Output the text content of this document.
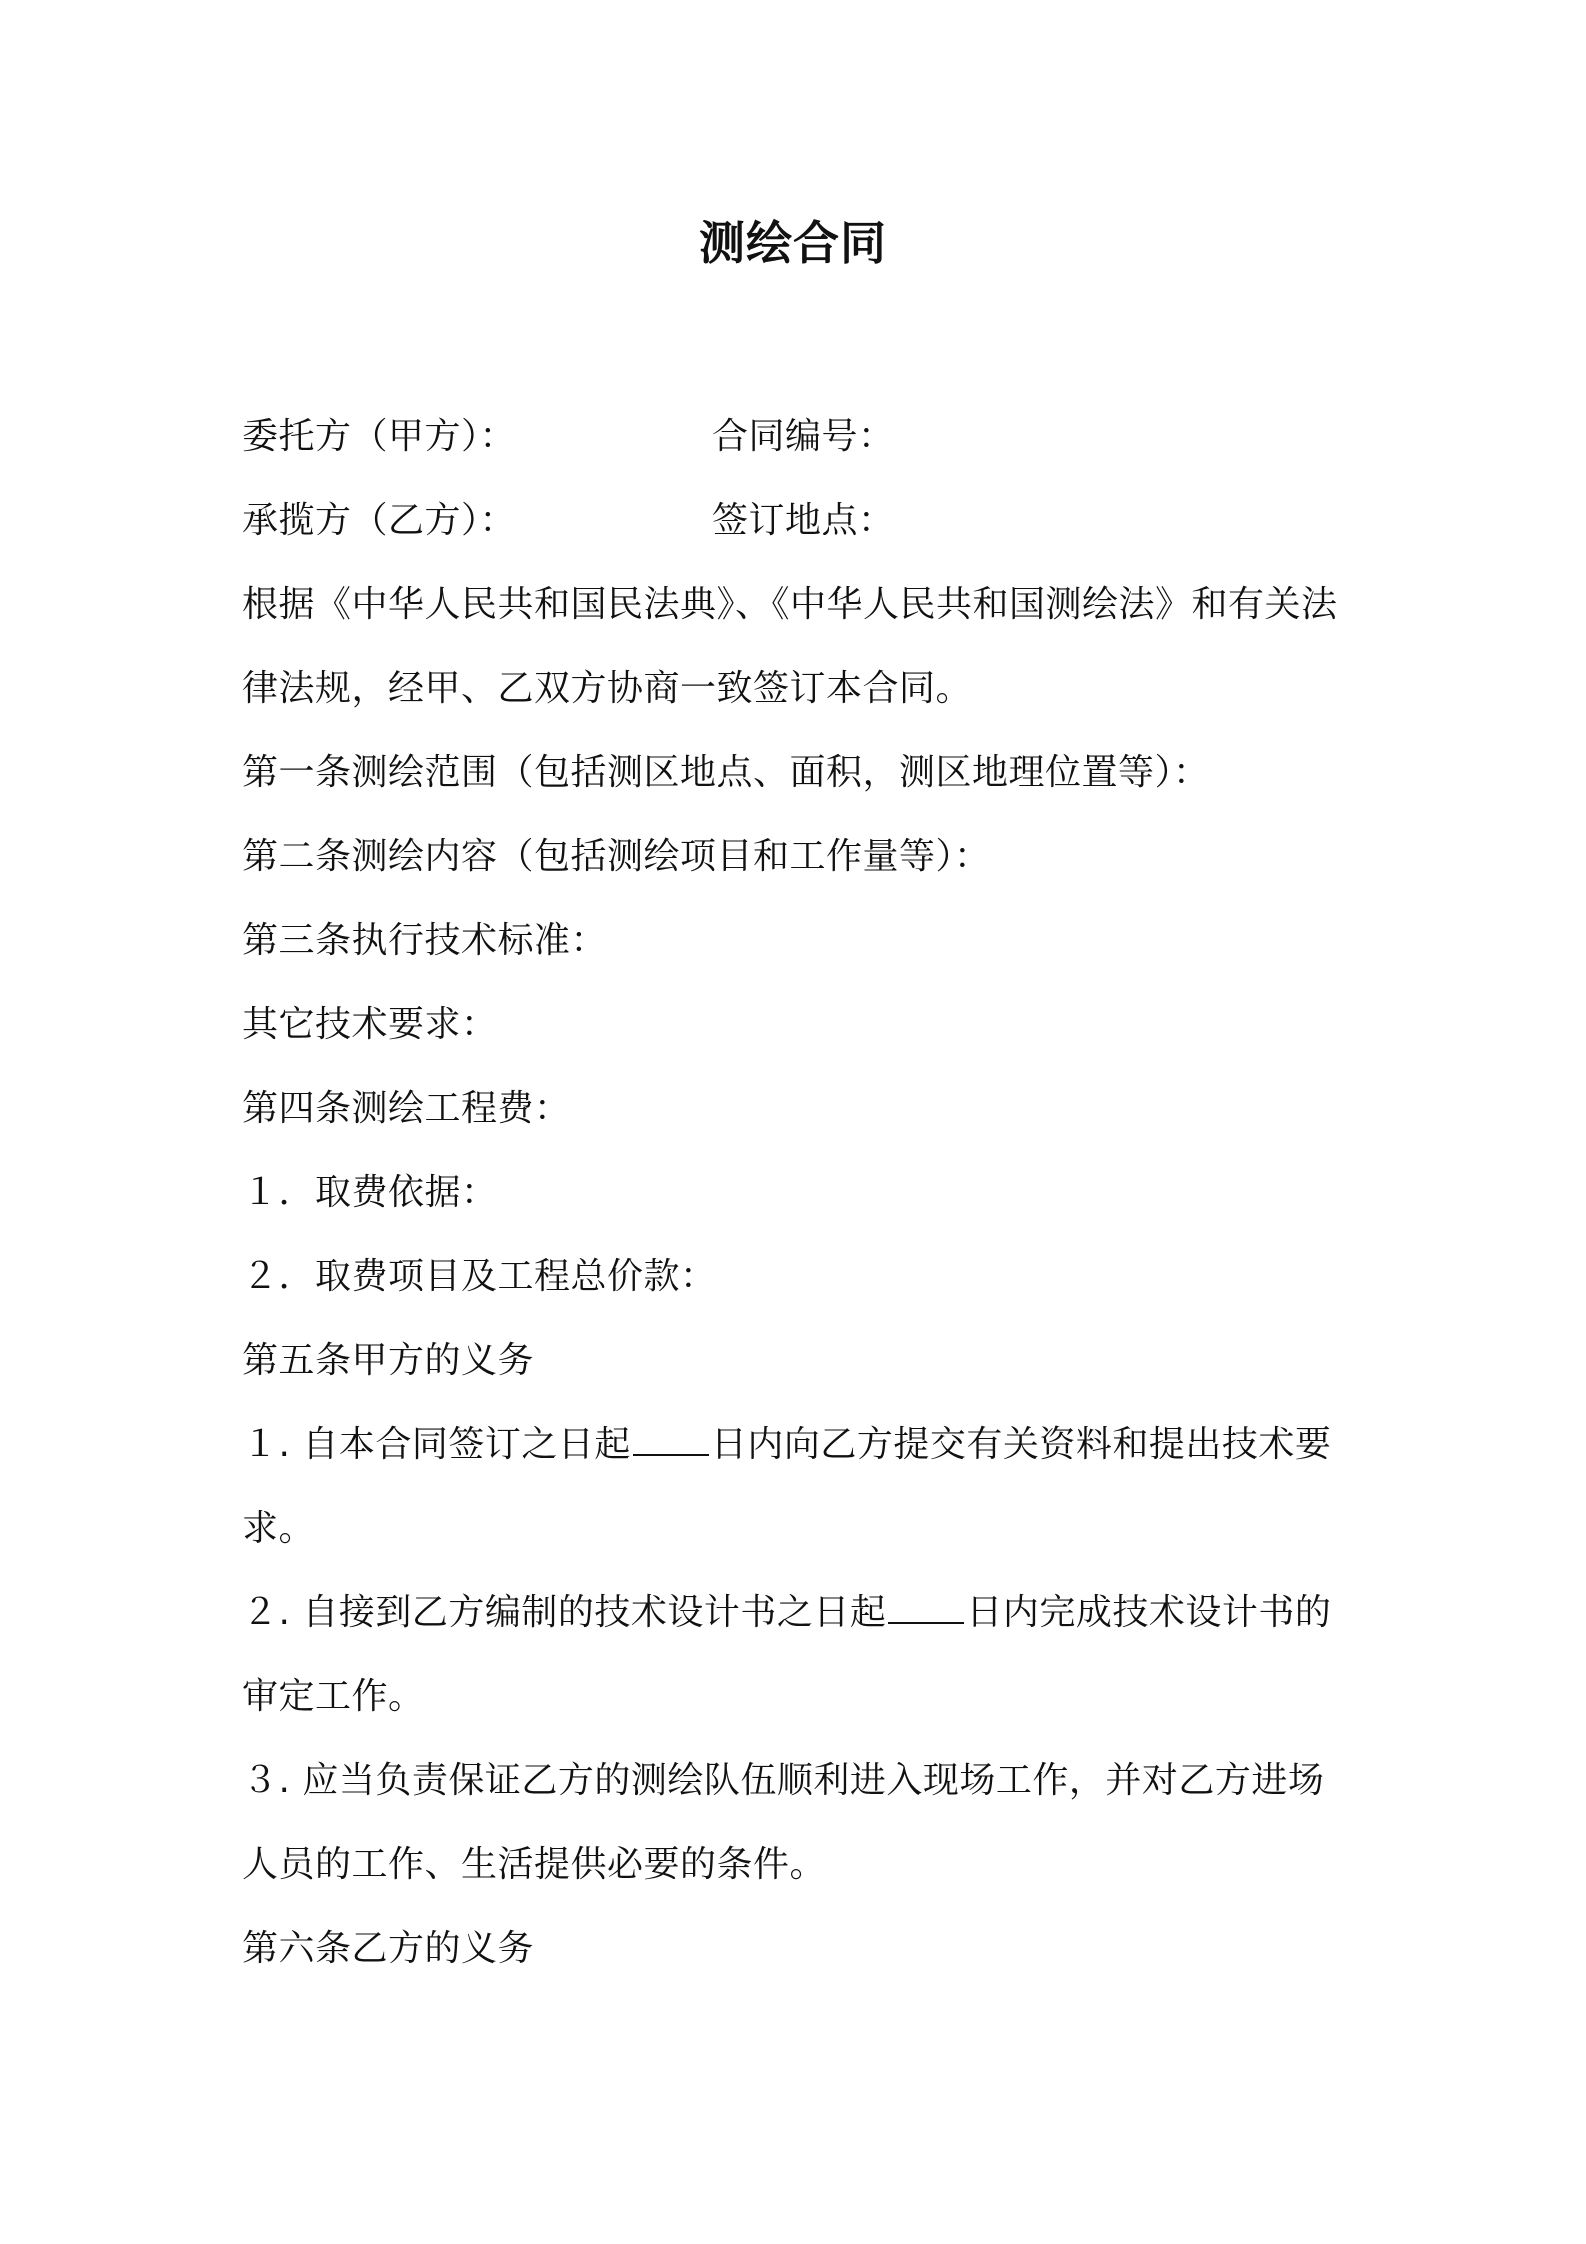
测绘合同
委托方（甲方）：	合同编号：
承揽方（乙方）：	签订地点：
根据《中华人民共和国民法典》、《中华人民共和国测绘法》和有关法
律法规，经甲、乙双方协商一致签订本合同。
第一条测绘范围（包括测区地点、面积，测区地理位置等）：
第二条测绘内容（包括测绘项目和工作量等）：
第三条执行技术标准：
其它技术要求：
第四条测绘工程费：
１．取费依据：
２．取费项目及工程总价款：
第五条甲方的义务
１. 自本合同签订之日起 日内向乙方提交有关资料和提出技术要
求。
２. 自接到乙方编制的技术设计书之日起 日内完成技术设计书的
审定工作。
３. 应当负责保证乙方的测绘队伍顺利进入现场工作，并对乙方进场
人员的工作、生活提供必要的条件。
第六条乙方的义务
